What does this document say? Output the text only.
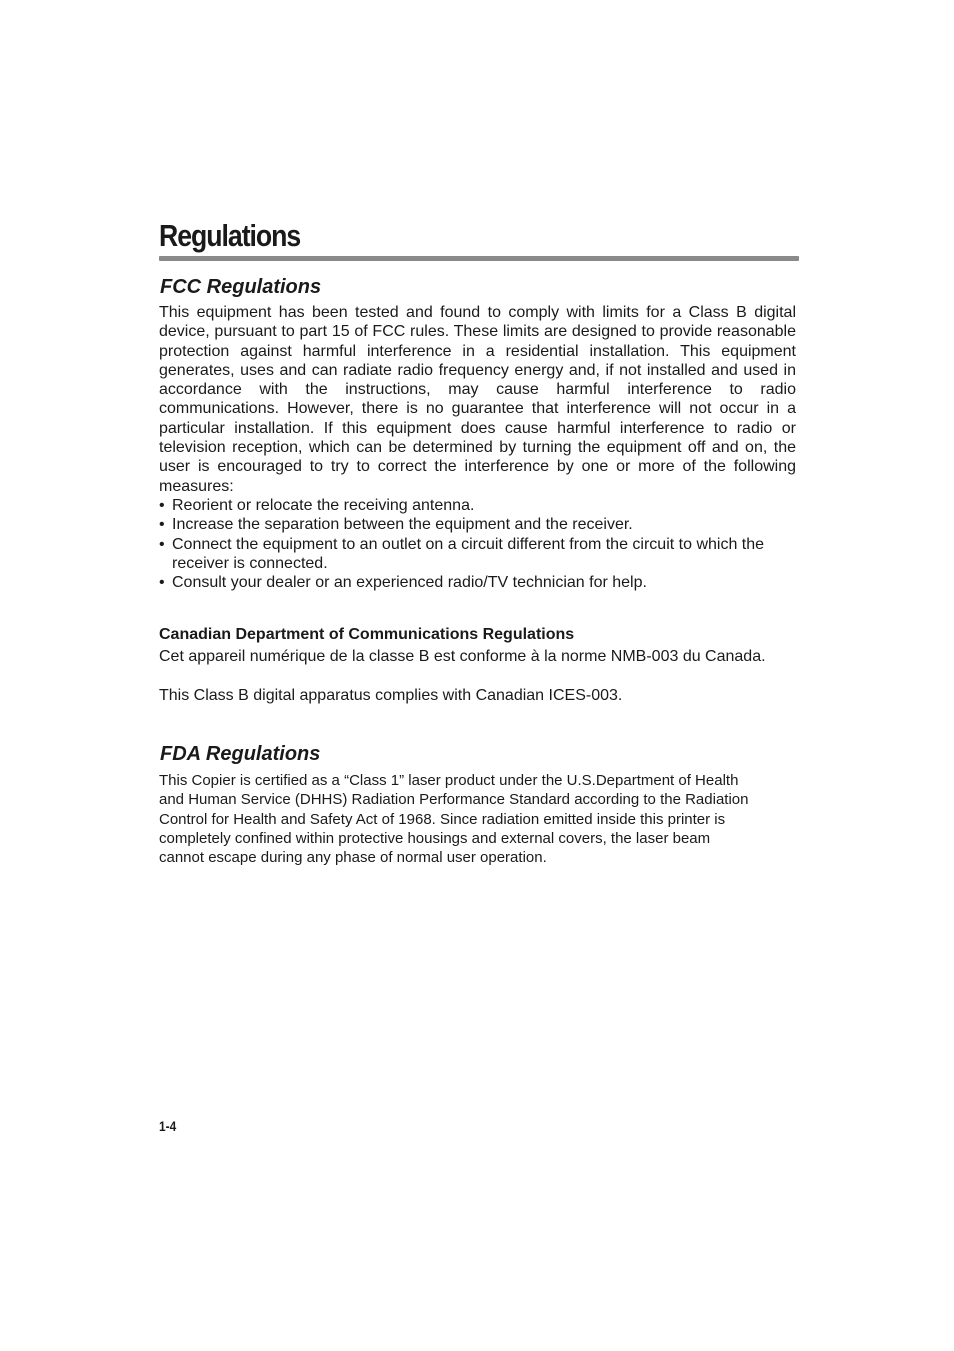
Regulations
FCC Regulations

This equipment has been tested and found to comply with limits for a Class B digital device, pursuant to part 15 of FCC rules. These limits are designed to provide reasonable protection against harmful interference in a residential installation. This equipment generates, uses and can radiate radio frequency energy and, if not installed and used in accordance with the instructions, may cause harmful interference to radio communications. However, there is no guarantee that interference will not occur in a particular installation. If this equipment does cause harmful interference to radio or television reception, which can be determined by turning the equipment off and on, the user is encouraged to try to correct the interference by one or more of the following measures:

• Reorient or relocate the receiving antenna.
• Increase the separation between the equipment and the receiver.
• Connect the equipment to an outlet on a circuit different from the circuit to which the receiver is connected.
• Consult your dealer or an experienced radio/TV technician for help.
Canadian Department of Communications Regulations

Cet appareil numérique de la classe B est conforme à la norme NMB-003 du Canada.

This Class B digital apparatus complies with Canadian ICES-003.

FDA Regulations

This Copier is certified as a “Class 1” laser product under the U.S.Department of Health
and Human Service (DHHS) Radiation Performance Standard according to the Radiation
Control for Health and Safety Act of 1968. Since radiation emitted inside this printer is
completely confined within protective housings and external covers, the laser beam
cannot escape during any phase of normal user operation.

1-4
